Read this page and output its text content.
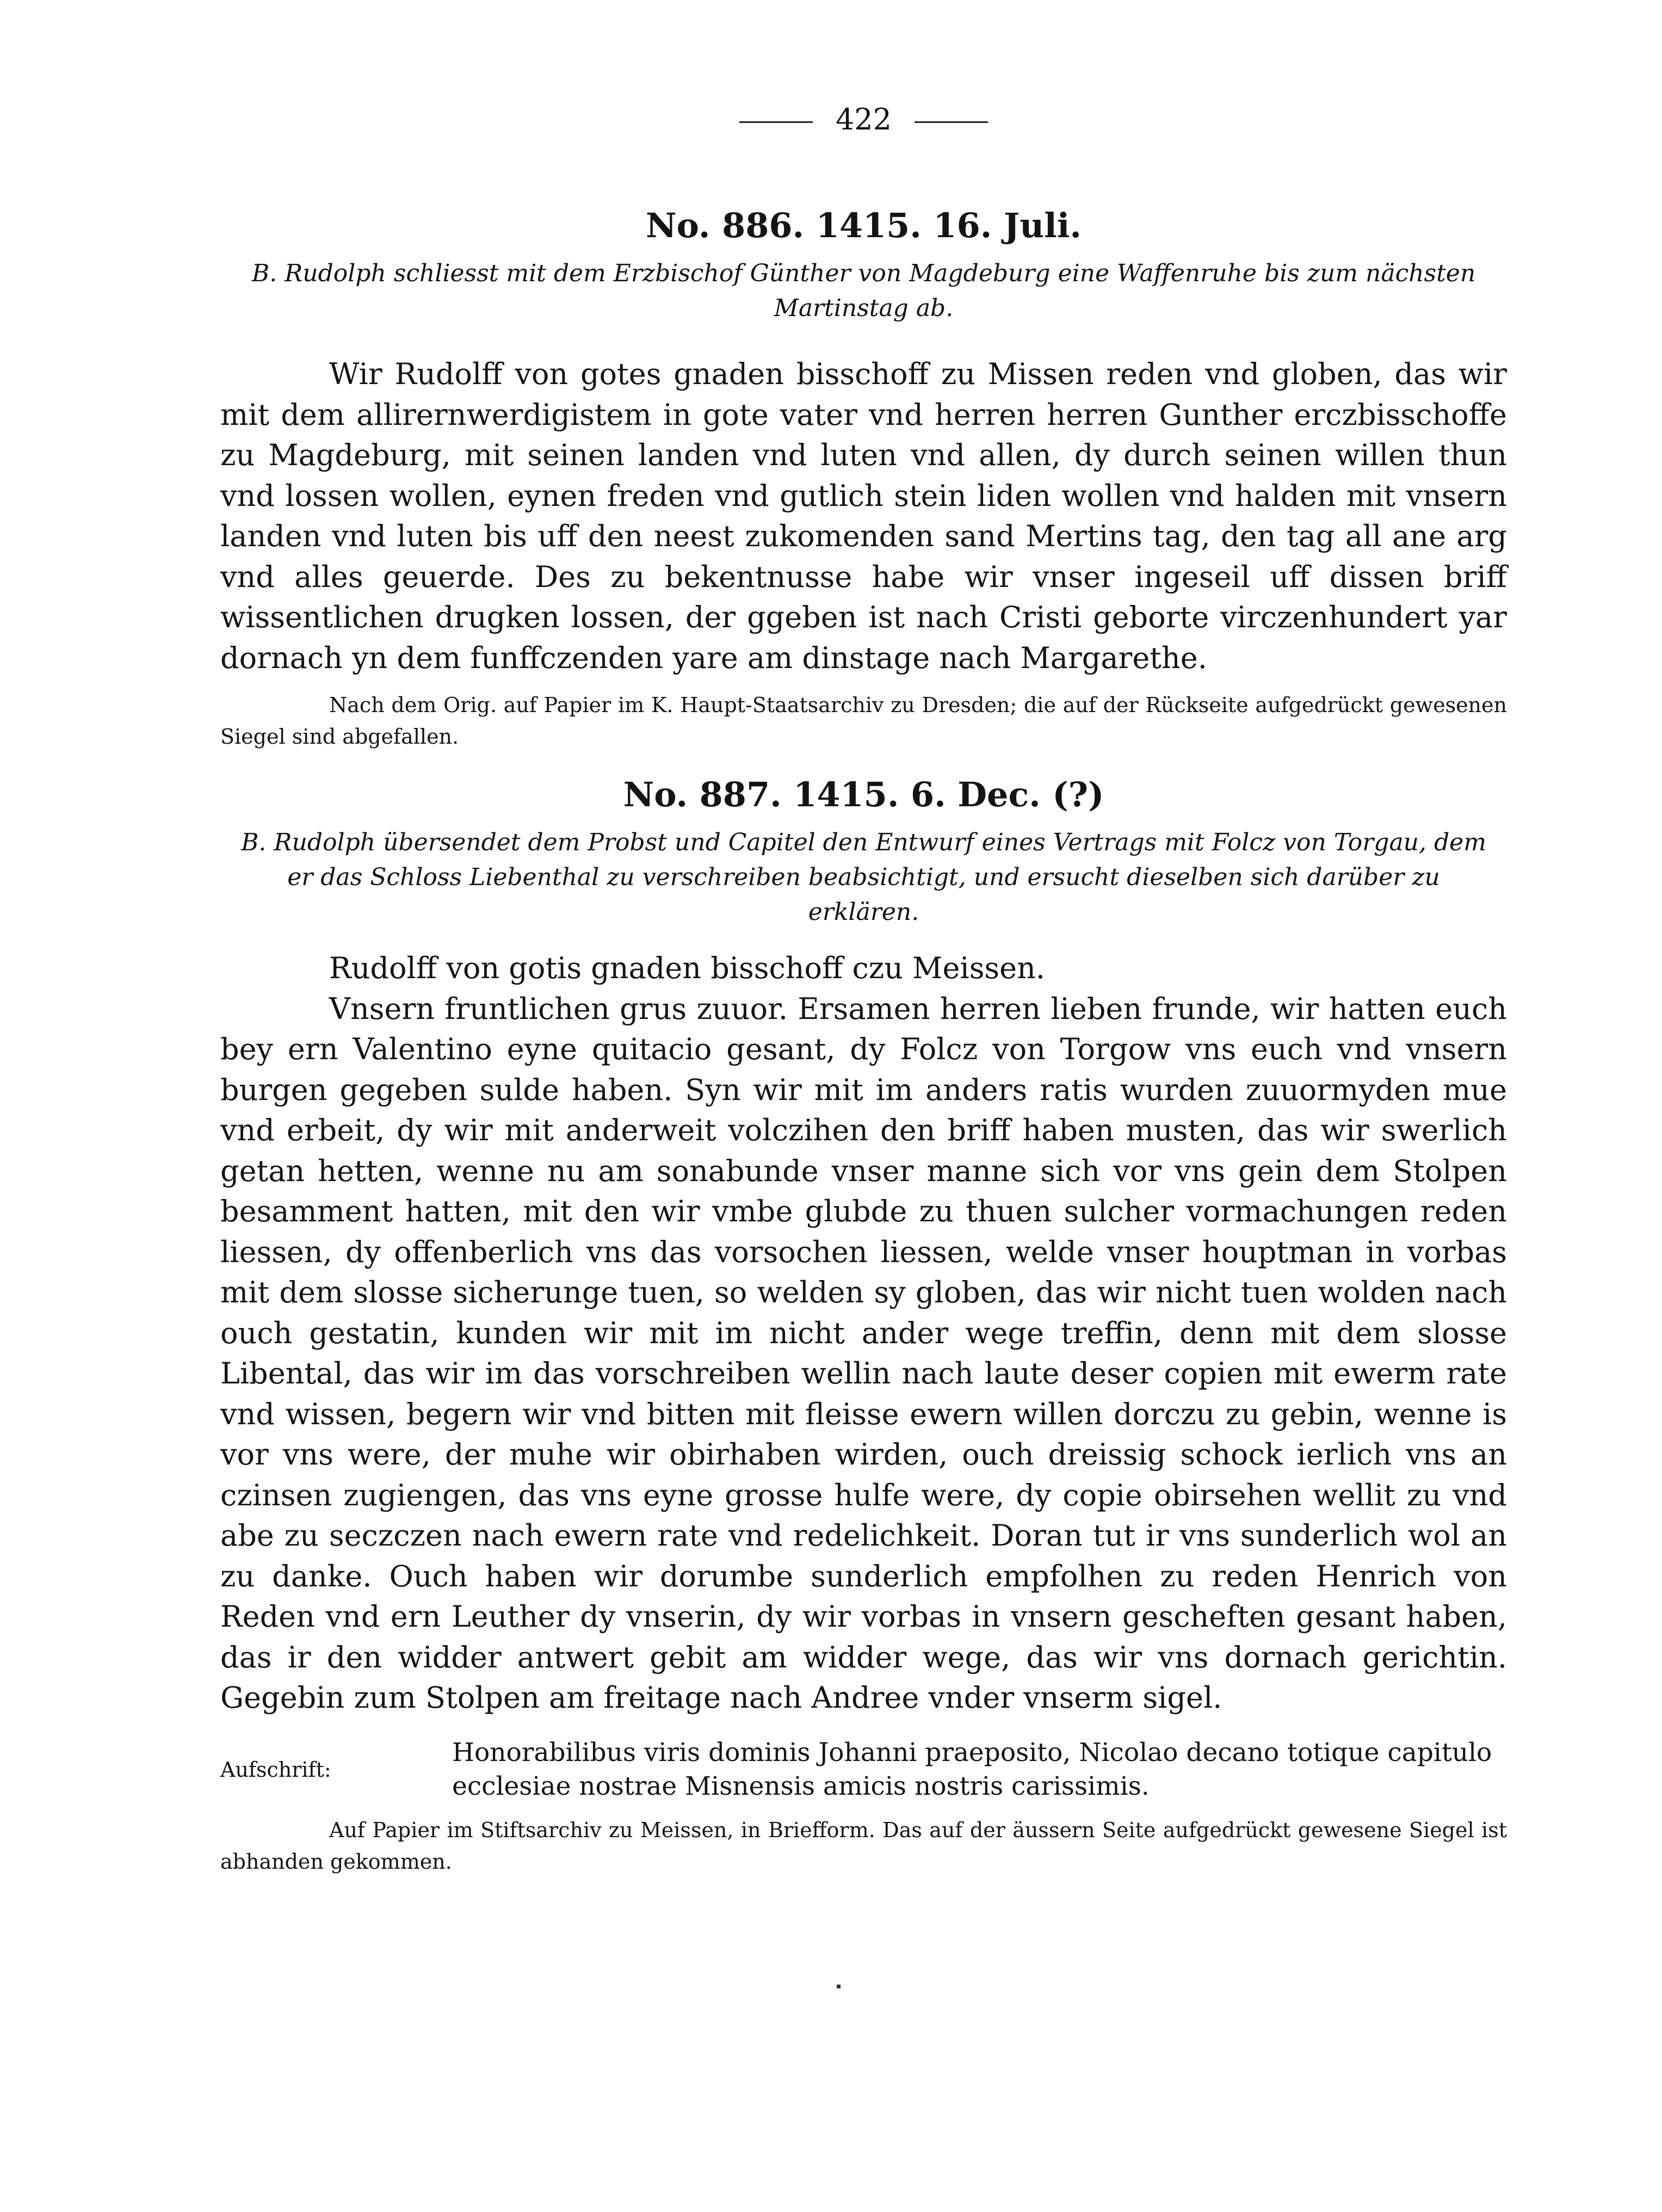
422
No. 886. 1415. 16. Juli.

B. Rudolph schliesst mit dem Erzbischof Günther von Magdeburg eine Waffenruhe bis zum nächsten Martinstag ab.

Wir Rudolff von gotes gnaden bisschoff zu Missen reden vnd globen, das wir mit dem allirernwerdigistem in gote vater vnd herren herren Gunther erczbisschoffe zu Magdeburg, mit seinen landen vnd luten vnd allen, dy durch seinen willen thun vnd lossen wollen, eynen freden vnd gutlich stein liden wollen vnd halden mit vnsern landen vnd luten bis uff den neest zukomenden sand Mertins tag, den tag all ane arg vnd alles geuerde. Des zu bekentnusse habe wir vnser ingeseil uff dissen briff wissentlichen drugken lossen, der ggeben ist nach Cristi geborte virczenhundert yar dornach yn dem funffczenden yare am dinstage nach Margarethe.

Nach dem Orig. auf Papier im K. Haupt-Staatsarchiv zu Dresden; die auf der Rückseite aufgedrückt gewesenen Siegel sind abgefallen.

No. 887. 1415. 6. Dec. (?)

B. Rudolph übersendet dem Probst und Capitel den Entwurf eines Vertrags mit Folcz von Torgau, dem er das Schloss Liebenthal zu verschreiben beabsichtigt, und ersucht dieselben sich darüber zu erklären.

Rudolff von gotis gnaden bisschoff czu Meissen.

Vnsern fruntlichen grus zuuor. Ersamen herren lieben frunde, wir hatten euch bey ern Valentino eyne quitacio gesant, dy Folcz von Torgow vns euch vnd vnsern burgen gegeben sulde haben. Syn wir mit im anders ratis wurden zuuormyden mue vnd erbeit, dy wir mit anderweit volczihen den briff haben musten, das wir swerlich getan hetten, wenne nu am sonabunde vnser manne sich vor vns gein dem Stolpen besamment hatten, mit den wir vmbe glubde zu thuen sulcher vormachungen reden liessen, dy offenberlich vns das vorsochen liessen, welde vnser houptman in vorbas mit dem slosse sicherunge tuen, so welden sy globen, das wir nicht tuen wolden nach ouch gestatin, kunden wir mit im nicht ander wege treffin, denn mit dem slosse Libental, das wir im das vorschreiben wellin nach laute deser copien mit ewerm rate vnd wissen, begern wir vnd bitten mit fleisse ewern willen dorczu zu gebin, wenne is vor vns were, der muhe wir obirhaben wirden, ouch dreissig schock ierlich vns an czinsen zugiengen, das vns eyne grosse hulfe were, dy copie obirsehen wellit zu vnd abe zu seczczen nach ewern rate vnd redelichkeit. Doran tut ir vns sunderlich wol an zu danke. Ouch haben wir dorumbe sunderlich empfolhen zu reden Henrich von Reden vnd ern Leuther dy vnserin, dy wir vorbas in vnsern gescheften gesant haben, das ir den widder antwert gebit am widder wege, das wir vns dornach gerichtin. Gegebin zum Stolpen am freitage nach Andree vnder vnserm sigel.

Aufschrift:
Honorabilibus viris dominis Johanni praeposito, Nicolao decano totique capitulo ecclesiae nostrae Misnensis amicis nostris carissimis.

Auf Papier im Stiftsarchiv zu Meissen, in Briefform. Das auf der äussern Seite aufgedrückt gewesene Siegel ist abhanden gekommen.
